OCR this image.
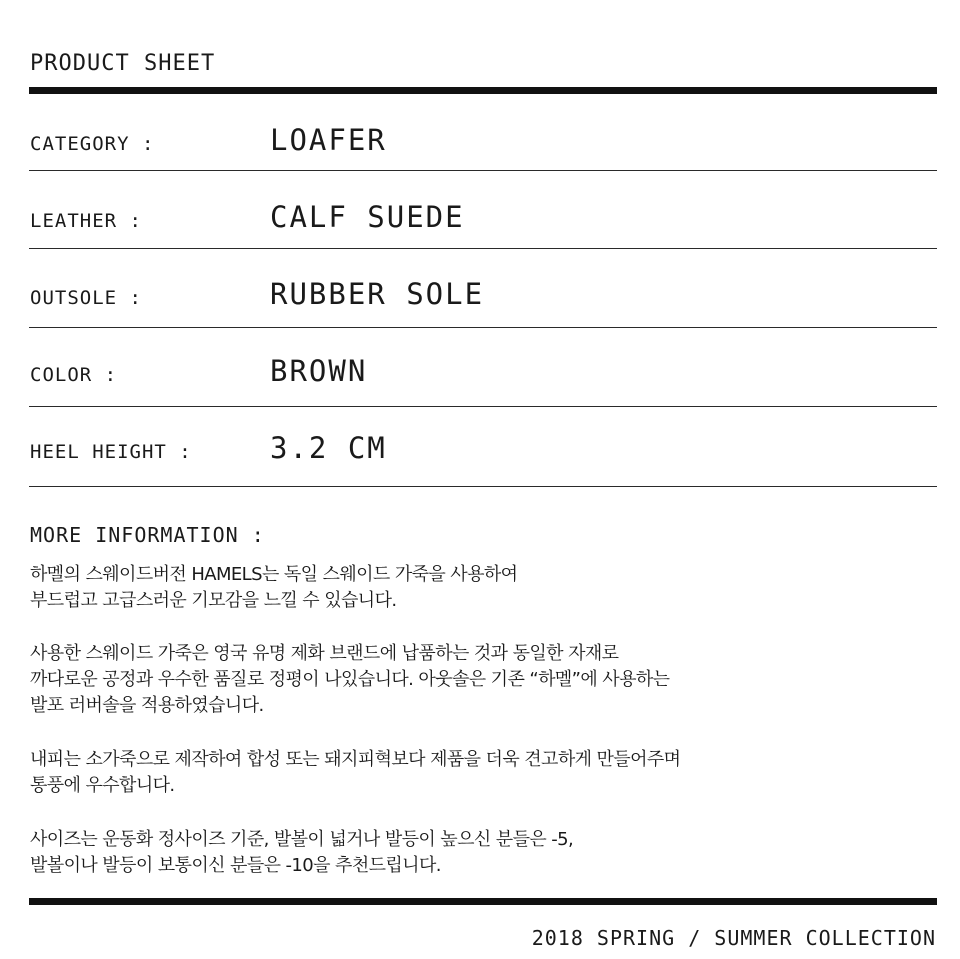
PRODUCT SHEET
CATEGORY :	LOAFER
LEATHER :	CALF SUEDE
OUTSOLE :	RUBBER SOLE
COLOR :	BROWN
HEEL HEIGHT :	3.2 CM
MORE INFORMATION :
하멜의 스웨이드버전 HAMELS는 독일 스웨이드 가죽을 사용하여
부드럽고 고급스러운 기모감을 느낄 수 있습니다.
사용한 스웨이드 가죽은 영국 유명 제화 브랜드에 납품하는 것과 동일한 자재로
까다로운 공정과 우수한 품질로 정평이 나있습니다. 아웃솔은 기존 “하멜”에 사용하는
발포 러버솔을 적용하였습니다.
내피는 소가죽으로 제작하여 합성 또는 돼지피혁보다 제품을 더욱 견고하게 만들어주며
통풍에 우수합니다.
사이즈는 운동화 정사이즈 기준, 발볼이 넓거나 발등이 높으신 분들은 -5,
발볼이나 발등이 보통이신 분들은 -10을 추천드립니다.
2018 SPRING / SUMMER COLLECTION
